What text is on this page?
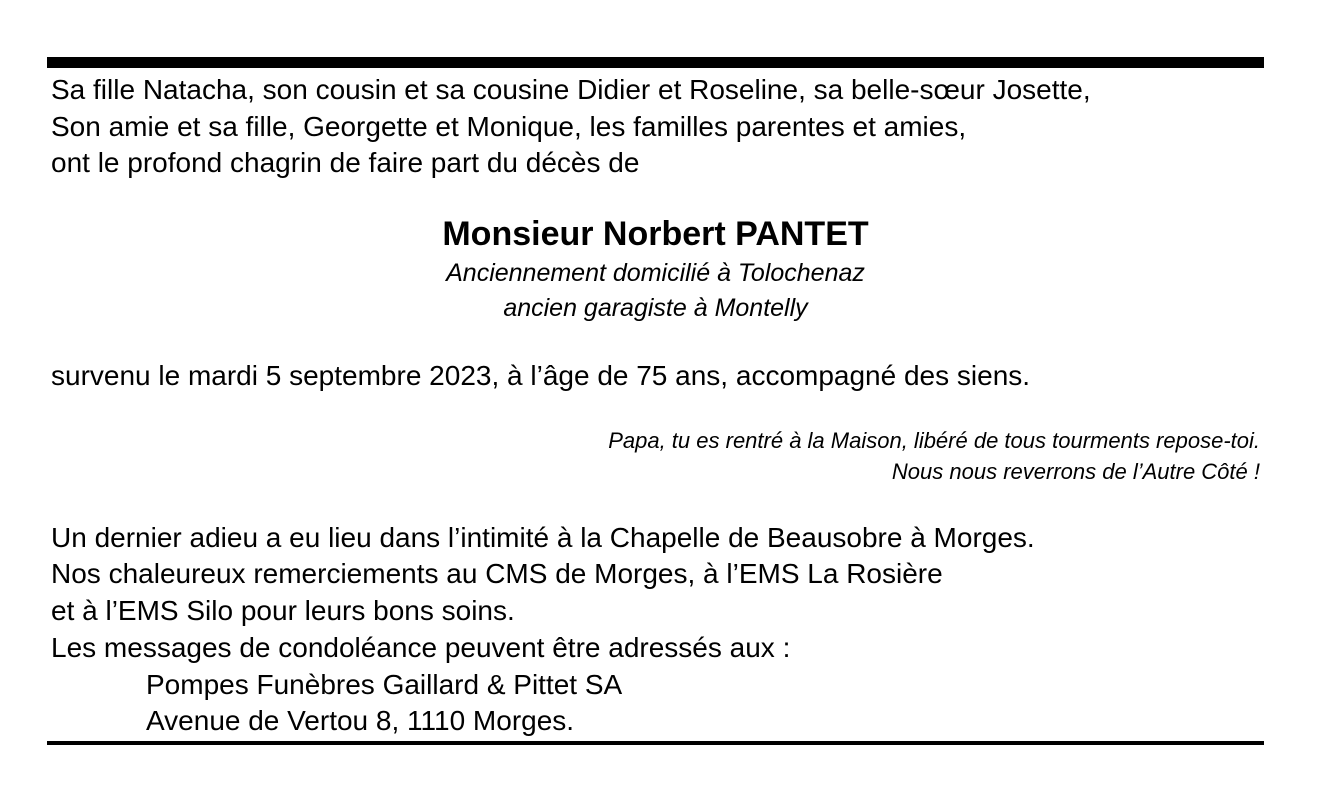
Sa fille Natacha, son cousin et sa cousine Didier et Roseline, sa belle-sœur Josette,
Son amie et sa fille, Georgette et Monique, les familles parentes et amies,
ont le profond chagrin de faire part du décès de
Monsieur Norbert PANTET
Anciennement domicilié à Tolochenaz
ancien garagiste à Montelly
survenu le mardi 5 septembre 2023, à l’âge de 75 ans, accompagné des siens.
Papa, tu es rentré à la Maison, libéré de tous tourments repose-toi.
Nous nous reverrons de l’Autre Côté !
Un dernier adieu a eu lieu dans l’intimité à la Chapelle de Beausobre à Morges.
Nos chaleureux remerciements au CMS de Morges, à l’EMS La Rosière
et à l’EMS Silo pour leurs bons soins.
Les messages de condoléance peuvent être adressés aux :
Pompes Funèbres Gaillard & Pittet SA
Avenue de Vertou 8, 1110 Morges.
